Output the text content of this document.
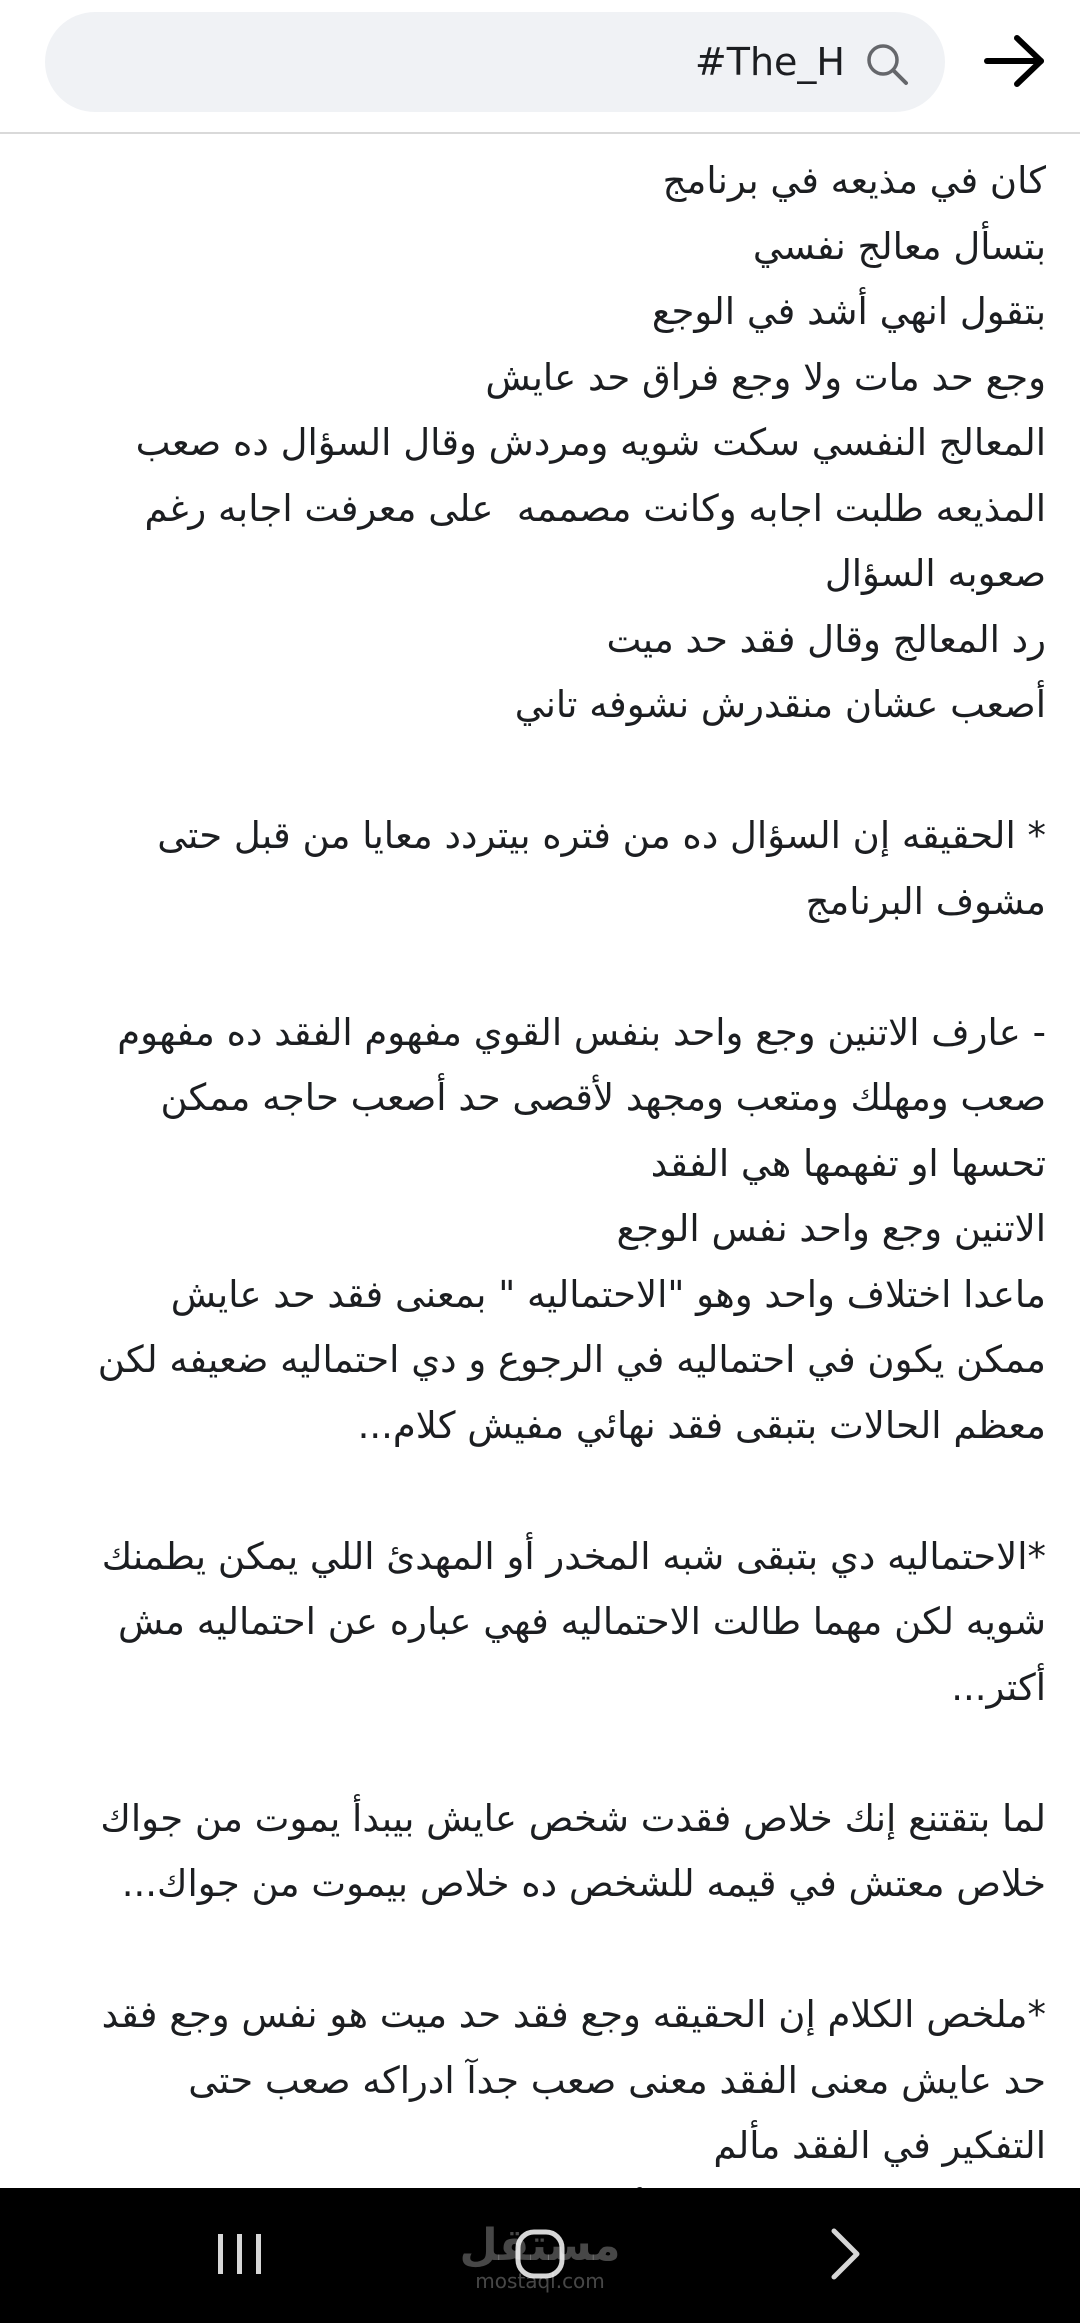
#The_H
كان في مذيعه في برنامج
بتسأل معالج نفسي
بتقول انهي أشد في الوجع
وجع حد مات ولا وجع فراق حد عايش
المعالج النفسي سكت شويه ومردش وقال السؤال ده صعب
المذيعه طلبت اجابه وكانت مصممه  على معرفت اجابه رغم
صعوبه السؤال
رد المعالج وقال فقد حد ميت
أصعب عشان منقدرش نشوفه تاني
* الحقيقه إن السؤال ده من فتره بيتردد معايا من قبل حتى
مشوف البرنامج
- عارف الاتنين وجع واحد بنفس القوي مفهوم الفقد ده مفهوم
صعب ومهلك ومتعب ومجهد لأقصى حد أصعب حاجه ممكن
تحسها او تفهمها هي الفقد
الاتنين وجع واحد نفس الوجع
ماعدا اختلاف واحد وهو "الاحتماليه " بمعنى فقد حد عايش
ممكن يكون في احتماليه في الرجوع و دي احتماليه ضعيفه لكن
معظم الحالات بتبقى فقد نهائي مفيش كلام...
*الاحتماليه دي بتبقى شبه المخدر أو المهدئ اللي يمكن يطمنك
شويه لكن مهما طالت الاحتماليه فهي عباره عن احتماليه مش
أكتر...
لما بتقتنع إنك خلاص فقدت شخص عايش بيبدأ يموت من جواك
خلاص معتش في قيمه للشخص ده خلاص بيموت من جواك...
*ملخص الكلام إن الحقيقه وجع فقد حد ميت هو نفس وجع فقد
حد عايش معنى الفقد معنى صعب جدآ ادراكه صعب حتى
التفكير في الفقد مألم
مستقل
mostaql.com
